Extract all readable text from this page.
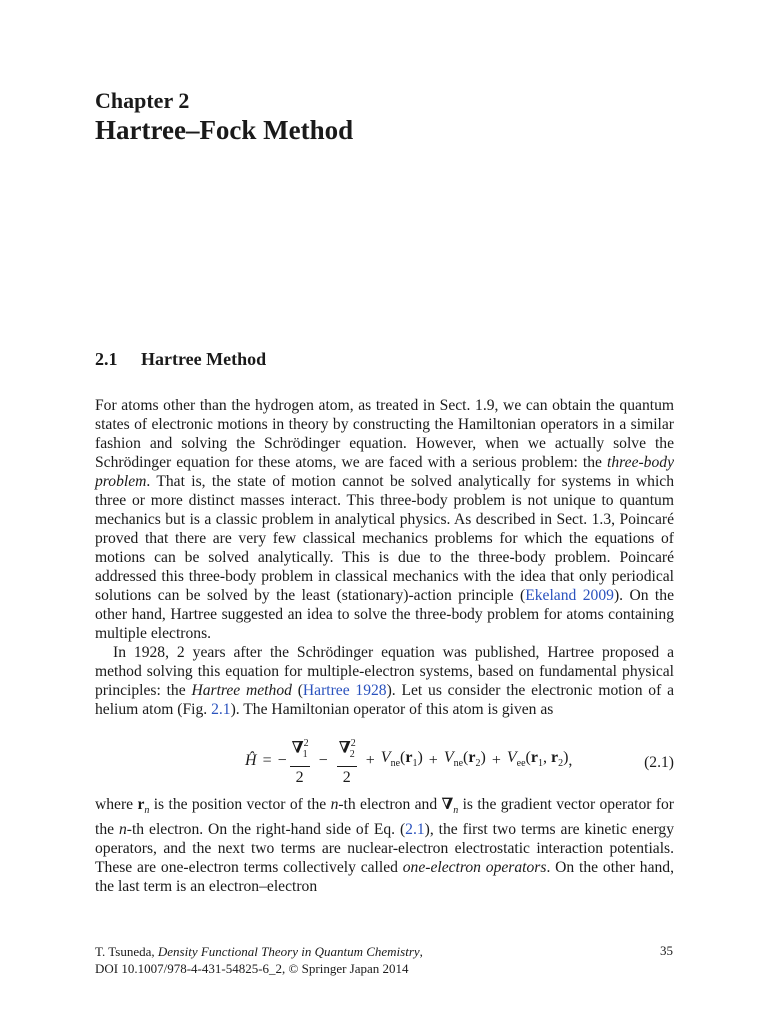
Chapter 2
Hartree–Fock Method
2.1 Hartree Method

For atoms other than the hydrogen atom, as treated in Sect. 1.9, we can obtain the quantum states of electronic motions in theory by constructing the Hamiltonian operators in a similar fashion and solving the Schrödinger equation. However, when we actually solve the Schrödinger equation for these atoms, we are faced with a serious problem: the three-body problem. That is, the state of motion cannot be solved analytically for systems in which three or more distinct masses interact. This three-body problem is not unique to quantum mechanics but is a classic problem in analytical physics. As described in Sect. 1.3, Poincaré proved that there are very few classical mechanics problems for which the equations of motions can be solved analytically. This is due to the three-body problem. Poincaré addressed this three-body problem in classical mechanics with the idea that only periodical solutions can be solved by the least (stationary)-action principle (Ekeland 2009). On the other hand, Hartree suggested an idea to solve the three-body problem for atoms containing multiple electrons.

In 1928, 2 years after the Schrödinger equation was published, Hartree proposed a method solving this equation for multiple-electron systems, based on fundamental physical principles: the Hartree method (Hartree 1928). Let us consider the electronic motion of a helium atom (Fig. 2.1). The Hamiltonian operator of this atom is given as

Ĥ = − $\frac{\nabla^2_1}{2} - \frac{\nabla^2_2}{2} + V_{ne}(r_1) + V_{ne}(r_2) + V_{ee}(r_1$, $r_2$) ,	(2.1)

where $r_n$ is the position vector of the n-th electron and $\nabla_n$ is the gradient vector operator for the n-th electron. On the right-hand side of Eq. (2.1), the first two terms are kinetic energy operators, and the next two terms are nuclear-electron electrostatic interaction potentials. These are one-electron terms collectively called one-electron operators. On the other hand, the last term is an electron–electron

T. Tsuneda, Density Functional Theory in Quantum Chemistry,
DOI 10.1007/978-4-431-54825-6_2, © Springer Japan 2014
35
